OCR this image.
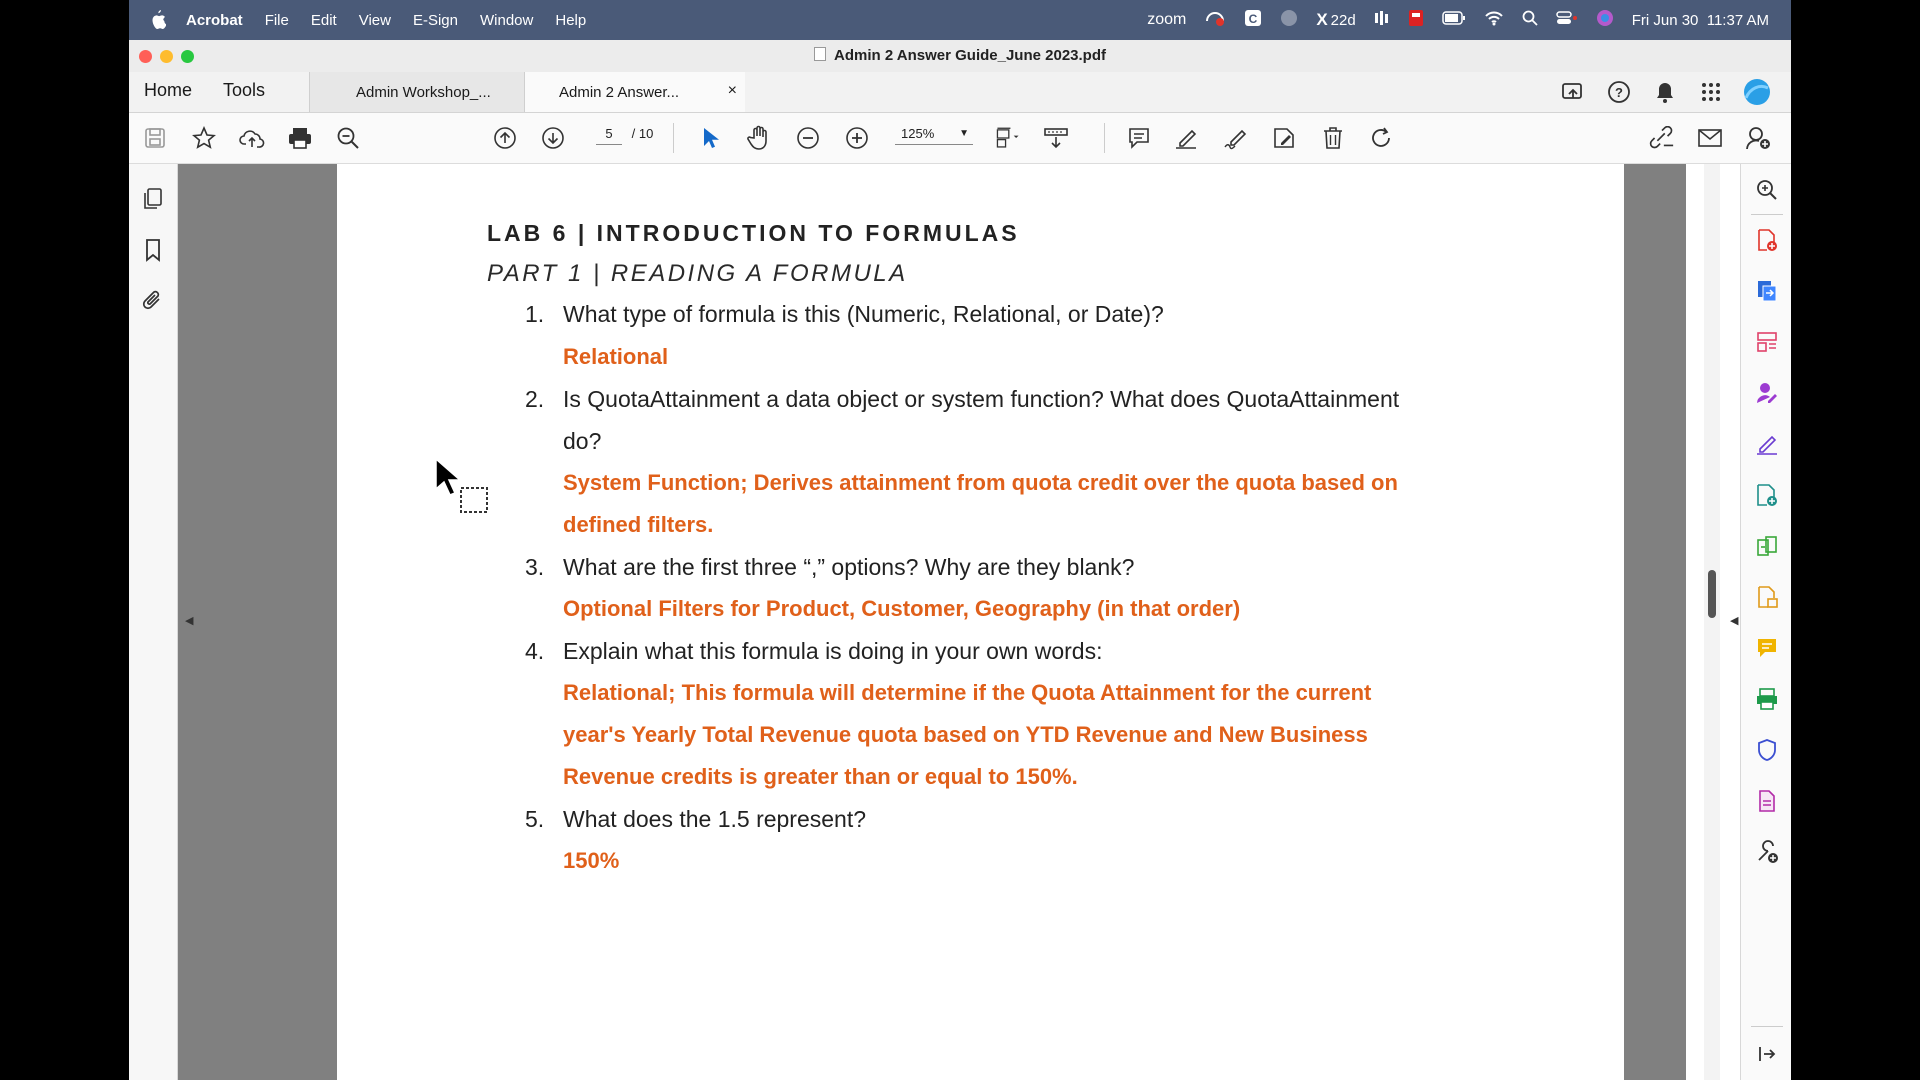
Acrobat File Edit View E-Sign Window Help	zoom	C	X 22d	Fri Jun 30  11:37 AM
Admin 2 Answer Guide_June 2023.pdf
Home Tools	Admin Workshop_...	Admin 2 Answer...	×	?
5 / 10	125% ▼
LAB 6 | INTRODUCTION TO FORMULAS
PART 1 | READING A FORMULA
1. What type of formula is this (Numeric, Relational, or Date)?
Relational
2. Is QuotaAttainment a data object or system function? What does QuotaAttainment
do?
System Function; Derives attainment from quota credit over the quota based on
defined filters.
3. What are the first three “,” options? Why are they blank?
Optional Filters for Product, Customer, Geography (in that order)
4. Explain what this formula is doing in your own words:
Relational; This formula will determine if the Quota Attainment for the current
year's Yearly Total Revenue quota based on YTD Revenue and New Business
Revenue credits is greater than or equal to 150%.
5. What does the 1.5 represent?
150%
◀	◀
